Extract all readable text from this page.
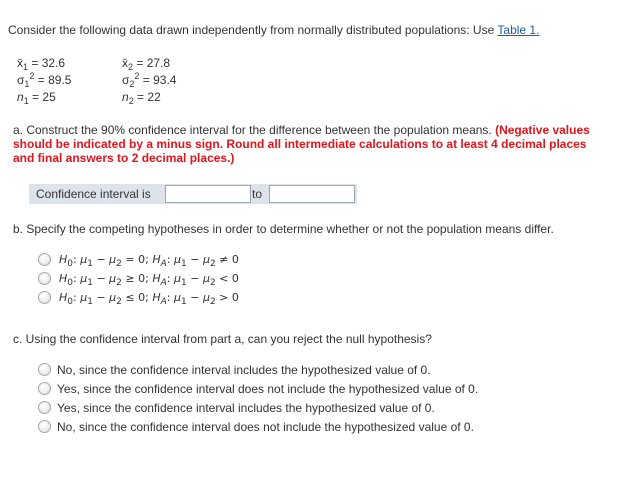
Consider the following data drawn independently from normally distributed populations: Use Table 1.
$x̄_1 = 32.6$
$\sigma_1^2 = 89.5$
$n_1 = 25$
$x̄_2 = 27.8$
$\sigma_2^2 = 93.4$
$n_2 = 22$
a. Construct the 90% confidence interval for the difference between the population means. (Negative values should be indicated by a minus sign. Round all intermediate calculations to at least 4 decimal places and final answers to 2 decimal places.)
Confidence interval is	to
b. Specify the competing hypotheses in order to determine whether or not the population means differ.
$H_0$: $\mu_1 - \mu_2 = 0$; $H_A$: $\mu_1 - \mu_2 \ne 0$
$H_0$: $\mu_1 - \mu_2 \ge 0$; $H_A$: $\mu_1 - \mu_2 < 0$
$H_0$: $\mu_1 - \mu_2 \le 0$; $H_A$: $\mu_1 - \mu_2 > 0$
c. Using the confidence interval from part a, can you reject the null hypothesis?
No, since the confidence interval includes the hypothesized value of 0.
Yes, since the confidence interval does not include the hypothesized value of 0.
Yes, since the confidence interval includes the hypothesized value of 0.
No, since the confidence interval does not include the hypothesized value of 0.
